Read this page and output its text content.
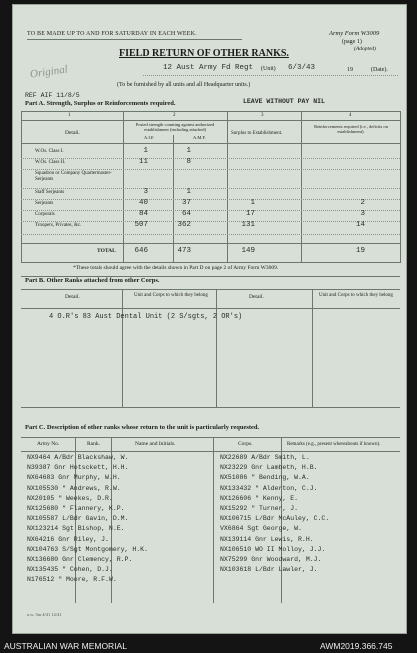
TO BE MADE UP TO AND FOR SATURDAY IN EACH WEEK.	Army Form W3009
(page 1)
(Adopted)
FIELD RETURN OF OTHER RANKS.
Original	12 Aust Army Fd Regt (Unit) 6/3/43	19	(Date).
(To be furnished by all units and all Headquarter units.)
REF AIF 11/8/5
LEAVE WITHOUT PAY NIL
Part A. Strength, Surplus or Reinforcements required.
1	2	3	4
Detail.
Posted strength counting against authorized establishment (including attached)
Surplus to Establishment.
Reinforcements required (i.e., deficits on establishment).
A.I.F.	A.M.F.
W.Os. Class I.	1	1
W.Os. Class II.	11	8
Squadron or Company Quartermaster-Serjeants
Staff Serjeants	3	1
Serjeants	40	37	1	2
Corporals	84	64	17	3
Troopers, Privates, &c.	507	362	131	14
TOTAL	646	473	149	19
*These totals should agree with the details shown in Part D on page 2 of Army Form W3009.
Part B. Other Ranks attached from other Corps.
Detail.	Unit and Corps to which they belong	Detail.	Unit and Corps to which they belong
4 O.R's 83 Aust Dental Unit (2 S/sgts, 2 OR's)
Part C. Description of other ranks whose return to the unit is particularly requested.
Army No.	Rank.	Name and Initials.	Corps.	Remarks (e.g., present whereabouts if known).
NX9464 A/Bdr Blackshaw, W.
N39387 Gnr Hotsckett, H.H.
NX64683 Gnr Murphy, W.H.
NX105530 " Andrews, R.W.
NX20105 " Weekes, D.R.
NX125680 " Flannery, K.P.
NX105587 L/Bdr Gavin, D.M.
NX123214 Sgt Bishop, N.E.
NX64216 Gnr Riley, J.
NX104763 S/Sgt Montgomery, H.K.
NX136680 Gnr Clemency, R.P.
NX135435 " Cohen, D.J.
N176512 " Moore, R.F.W.
NX22689 A/Bdr Smith, L.
NX23229 Gnr Lambeth, H.B.
NX51086 " Bending, W.A.
NX133432 " Alderton, C.J.
NX126606 " Kenny, E.
NX15292 " Turner, J.
NX106715 L/Bdr McAuley, C.C.
VX6864 Sgt George, W.
NX139114 Gnr Lewis, R.H.
NX106510 WO II Molloy, J.J.
NX75299 Gnr Woodward, M.J.
NX103618 L/Bdr Lawler, J.
a.w. 3m 4/41 12/41
AUSTRALIAN WAR MEMORIAL	AWM2019.366.745
